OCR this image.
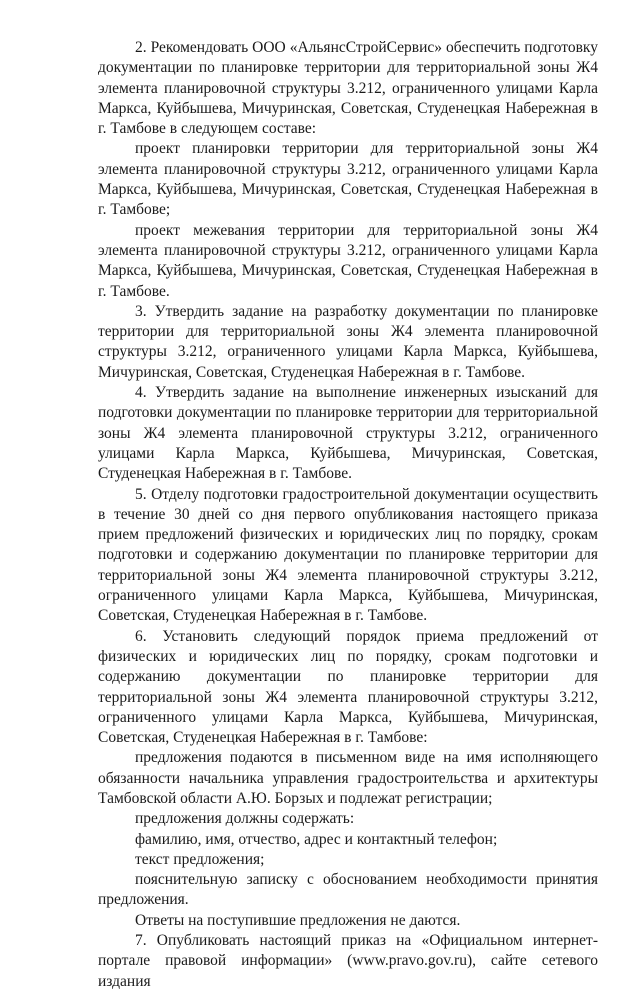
2. Рекомендовать ООО «АльянсСтройСервис» обеспечить подготовку документации по планировке территории для территориальной зоны Ж4 элемента планировочной структуры 3.212, ограниченного улицами Карла Маркса, Куйбышева, Мичуринская, Советская, Студенецкая Набережная в г. Тамбове в следующем составе:

проект планировки территории для территориальной зоны Ж4 элемента планировочной структуры 3.212, ограниченного улицами Карла Маркса, Куйбышева, Мичуринская, Советская, Студенецкая Набережная в г. Тамбове;

проект межевания территории для территориальной зоны Ж4 элемента планировочной структуры 3.212, ограниченного улицами Карла Маркса, Куйбышева, Мичуринская, Советская, Студенецкая Набережная в г. Тамбове.

3. Утвердить задание на разработку документации по планировке территории для территориальной зоны Ж4 элемента планировочной структуры 3.212, ограниченного улицами Карла Маркса, Куйбышева, Мичуринская, Советская, Студенецкая Набережная в г. Тамбове.

4. Утвердить задание на выполнение инженерных изысканий для подготовки документации по планировке территории для территориальной зоны Ж4 элемента планировочной структуры 3.212, ограниченного улицами Карла Маркса, Куйбышева, Мичуринская, Советская, Студенецкая Набережная в г. Тамбове.

5. Отделу подготовки градостроительной документации осуществить в течение 30 дней со дня первого опубликования настоящего приказа прием предложений физических и юридических лиц по порядку, срокам подготовки и содержанию документации по планировке территории для территориальной зоны Ж4 элемента планировочной структуры 3.212, ограниченного улицами Карла Маркса, Куйбышева, Мичуринская, Советская, Студенецкая Набережная в г. Тамбове.

6. Установить следующий порядок приема предложений от физических и юридических лиц по порядку, срокам подготовки и содержанию документации по планировке территории для территориальной зоны Ж4 элемента планировочной структуры 3.212, ограниченного улицами Карла Маркса, Куйбышева, Мичуринская, Советская, Студенецкая Набережная в г. Тамбове:

предложения подаются в письменном виде на имя исполняющего обязанности начальника управления градостроительства и архитектуры Тамбовской области А.Ю. Борзых и подлежат регистрации;

предложения должны содержать:

фамилию, имя, отчество, адрес и контактный телефон;

текст предложения;

пояснительную записку с обоснованием необходимости принятия предложения.

Ответы на поступившие предложения не даются.

7. Опубликовать настоящий приказ на «Официальном интернет-портале правовой информации» (www.pravo.gov.ru), сайте сетевого издания
